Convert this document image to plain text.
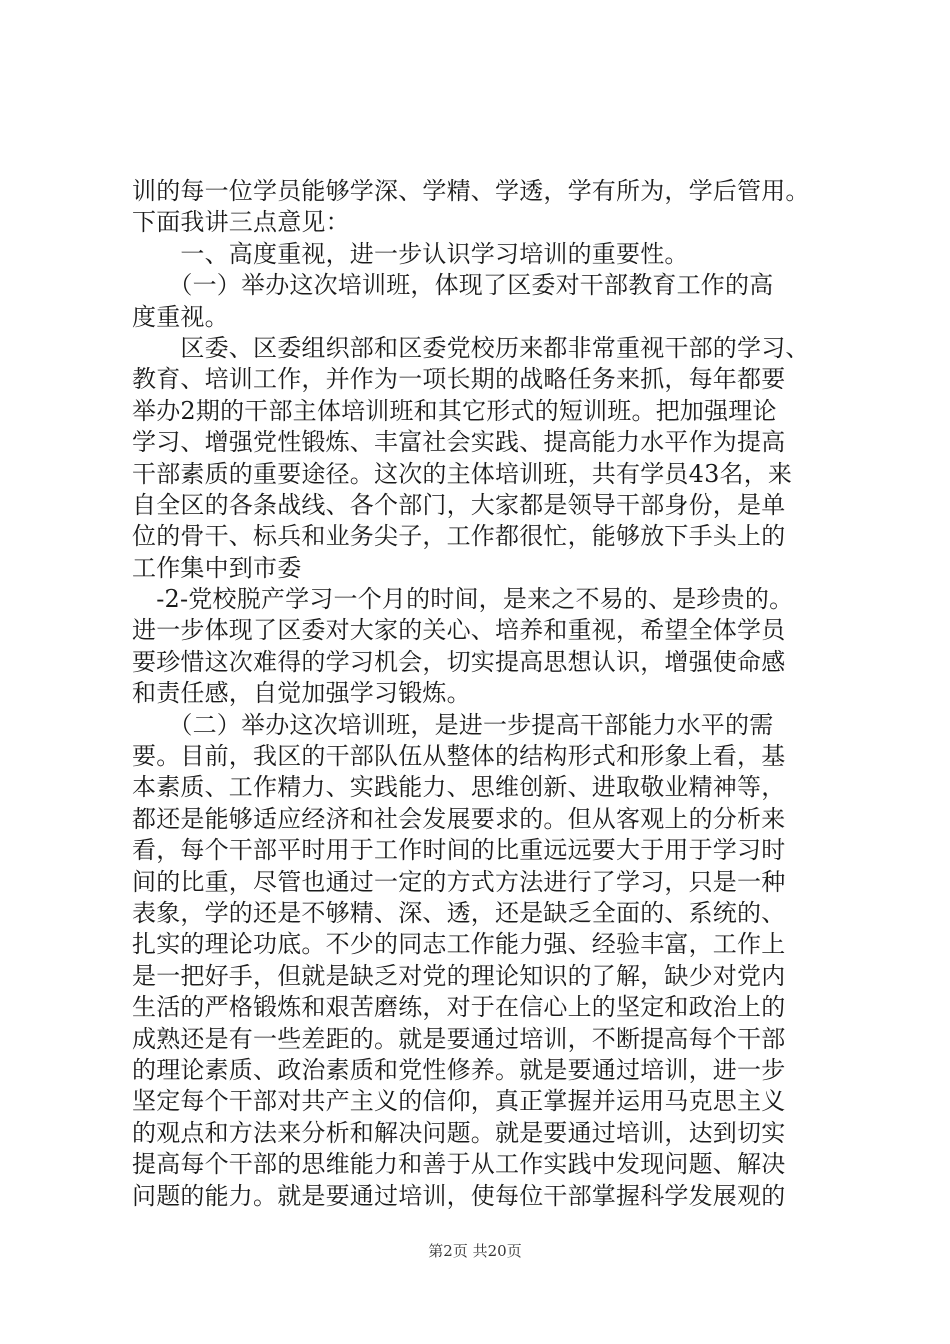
训的每一位学员能够学深、学精、学透，学有所为，学后管用。
下面我讲三点意见：
　　一、高度重视，进一步认识学习培训的重要性。
　　（一）举办这次培训班，体现了区委对干部教育工作的高
度重视。
　　区委、区委组织部和区委党校历来都非常重视干部的学习、
教育、培训工作，并作为一项长期的战略任务来抓，每年都要
举办2期的干部主体培训班和其它形式的短训班。把加强理论
学习、增强党性锻炼、丰富社会实践、提高能力水平作为提高
干部素质的重要途径。这次的主体培训班，共有学员43名，来
自全区的各条战线、各个部门，大家都是领导干部身份，是单
位的骨干、标兵和业务尖子，工作都很忙，能够放下手头上的
工作集中到市委
　-2-党校脱产学习一个月的时间，是来之不易的、是珍贵的。
进一步体现了区委对大家的关心、培养和重视，希望全体学员
要珍惜这次难得的学习机会，切实提高思想认识，增强使命感
和责任感，自觉加强学习锻炼。
　　（二）举办这次培训班，是进一步提高干部能力水平的需
要。目前，我区的干部队伍从整体的结构形式和形象上看，基
本素质、工作精力、实践能力、思维创新、进取敬业精神等，
都还是能够适应经济和社会发展要求的。但从客观上的分析来
看，每个干部平时用于工作时间的比重远远要大于用于学习时
间的比重，尽管也通过一定的方式方法进行了学习，只是一种
表象，学的还是不够精、深、透，还是缺乏全面的、系统的、
扎实的理论功底。不少的同志工作能力强、经验丰富，工作上
是一把好手，但就是缺乏对党的理论知识的了解，缺少对党内
生活的严格锻炼和艰苦磨练，对于在信心上的坚定和政治上的
成熟还是有一些差距的。就是要通过培训，不断提高每个干部
的理论素质、政治素质和党性修养。就是要通过培训，进一步
坚定每个干部对共产主义的信仰，真正掌握并运用马克思主义
的观点和方法来分析和解决问题。就是要通过培训，达到切实
提高每个干部的思维能力和善于从工作实践中发现问题、解决
问题的能力。就是要通过培训，使每位干部掌握科学发展观的
第2页 共20页
